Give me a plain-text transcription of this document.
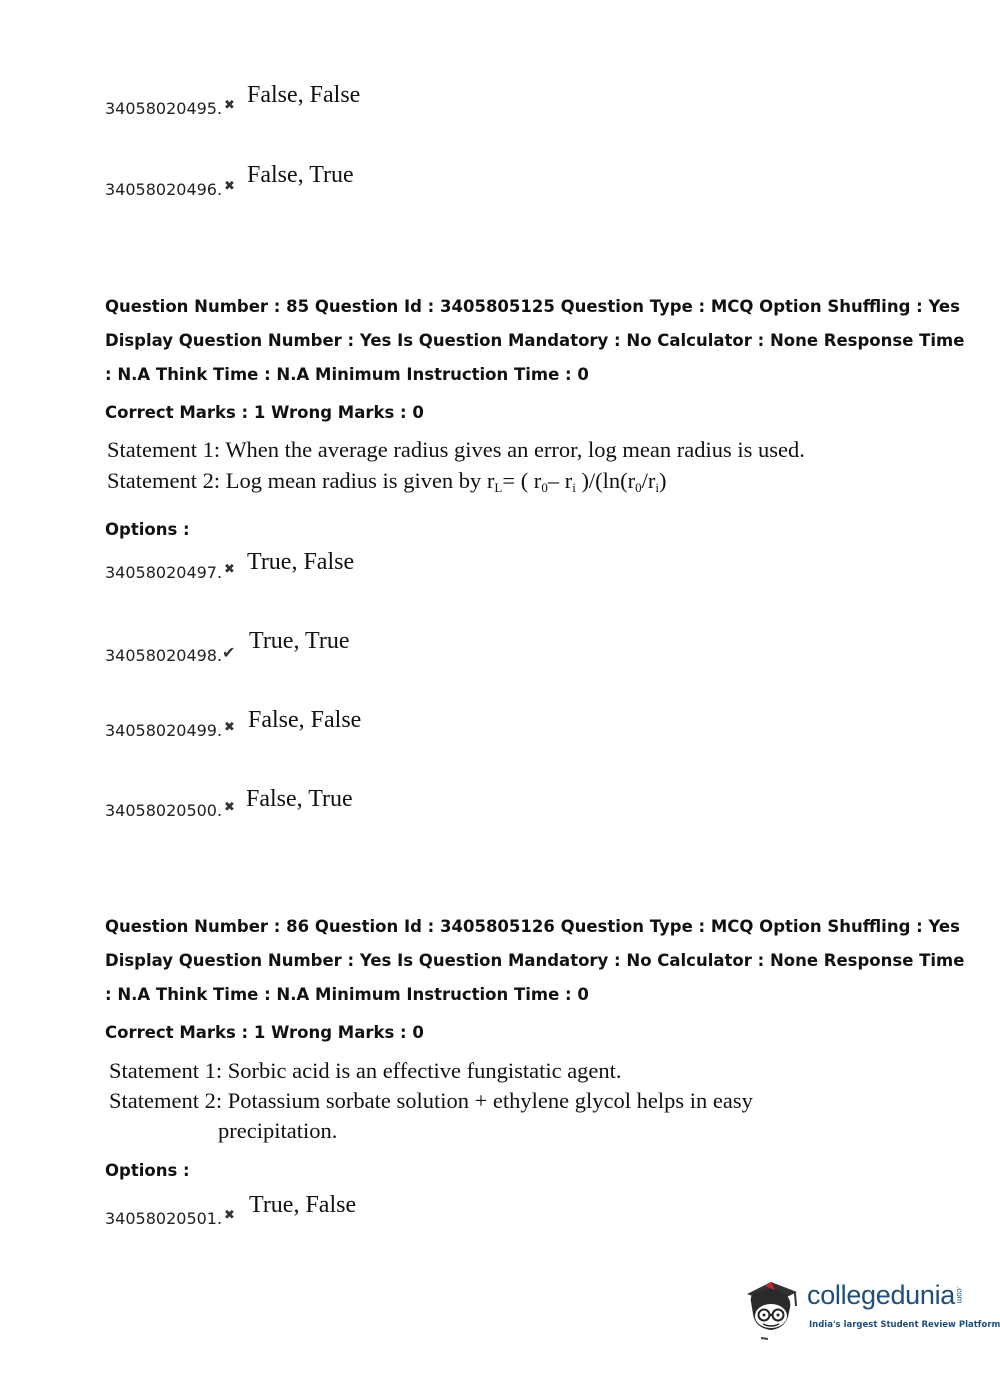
34058020495. ✖ False, False
34058020496. ✖ False, True
Question Number : 85 Question Id : 3405805125 Question Type : MCQ Option Shuffling : Yes
Display Question Number : Yes Is Question Mandatory : No Calculator : None Response Time
: N.A Think Time : N.A Minimum Instruction Time : 0
Correct Marks : 1 Wrong Marks : 0
Statement 1: When the average radius gives an error, log mean radius is used.
Statement 2: Log mean radius is given by $r_L=$ ( $r_0-$ $r_i$ )$/(\ln(r_0/r_i)$
Options :
34058020497. ✖ True, False
34058020498. ✔ True, True
34058020499. ✖ False, False
34058020500. ✖ False, True
Question Number : 86 Question Id : 3405805126 Question Type : MCQ Option Shuffling : Yes
Display Question Number : Yes Is Question Mandatory : No Calculator : None Response Time
: N.A Think Time : N.A Minimum Instruction Time : 0
Correct Marks : 1 Wrong Marks : 0
Statement 1: Sorbic acid is an effective fungistatic agent.
Statement 2: Potassium sorbate solution + ethylene glycol helps in easy
precipitation.
Options :
34058020501. ✖ True, False
collegedunia .com
India's largest Student Review Platform
